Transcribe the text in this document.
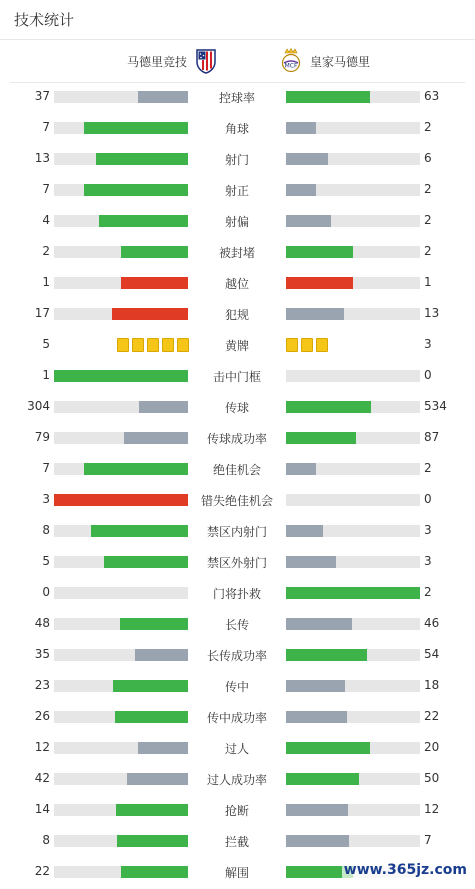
技术统计
马德里竞技	MCF 皇家马德里
37	控球率	63
7	角球	2
13	射门	6
7	射正	2
4	射偏	2
2	被封堵	2
1	越位	1
17	犯规	13
5	黄牌	3
1	击中门框	0
304	传球	534
79	传球成功率	87
7	绝佳机会	2
3	错失绝佳机会	0
8	禁区内射门	3
5	禁区外射门	3
0	门将扑救	2
48	长传	46
35	长传成功率	54
23	传中	18
26	传中成功率	22
12	过人	20
42	过人成功率	50
14	抢断	12
8	拦截	7
22	解围	www.365jz.com
